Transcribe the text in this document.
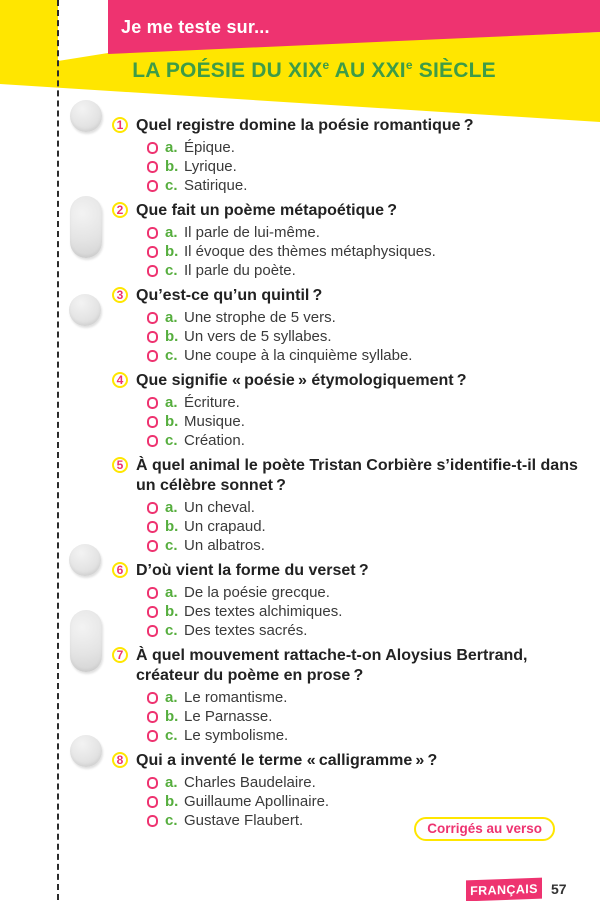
Je me teste sur...
LA POÉSIE DU XIXe AU XXIe SIÈCLE
1 Quel registre domine la poésie romantique ?
a. Épique.
b. Lyrique.
c. Satirique.
2 Que fait un poème métapoétique ?
a. Il parle de lui-même.
b. Il évoque des thèmes métaphysiques.
c. Il parle du poète.
3 Qu’est-ce qu’un quintil ?
a. Une strophe de 5 vers.
b. Un vers de 5 syllabes.
c. Une coupe à la cinquième syllabe.
4 Que signifie « poésie » étymologiquement ?
a. Écriture.
b. Musique.
c. Création.
5 À quel animal le poète Tristan Corbière s’identifie-t-il dans un célèbre sonnet ?
a. Un cheval.
b. Un crapaud.
c. Un albatros.
6 D’où vient la forme du verset ?
a. De la poésie grecque.
b. Des textes alchimiques.
c. Des textes sacrés.
7 À quel mouvement rattache-t-on Aloysius Bertrand, créateur du poème en prose ?
a. Le romantisme.
b. Le Parnasse.
c. Le symbolisme.
8 Qui a inventé le terme « calligramme » ?
a. Charles Baudelaire.
b. Guillaume Apollinaire.
c. Gustave Flaubert.	Corrigés au verso
FRANÇAIS 57
